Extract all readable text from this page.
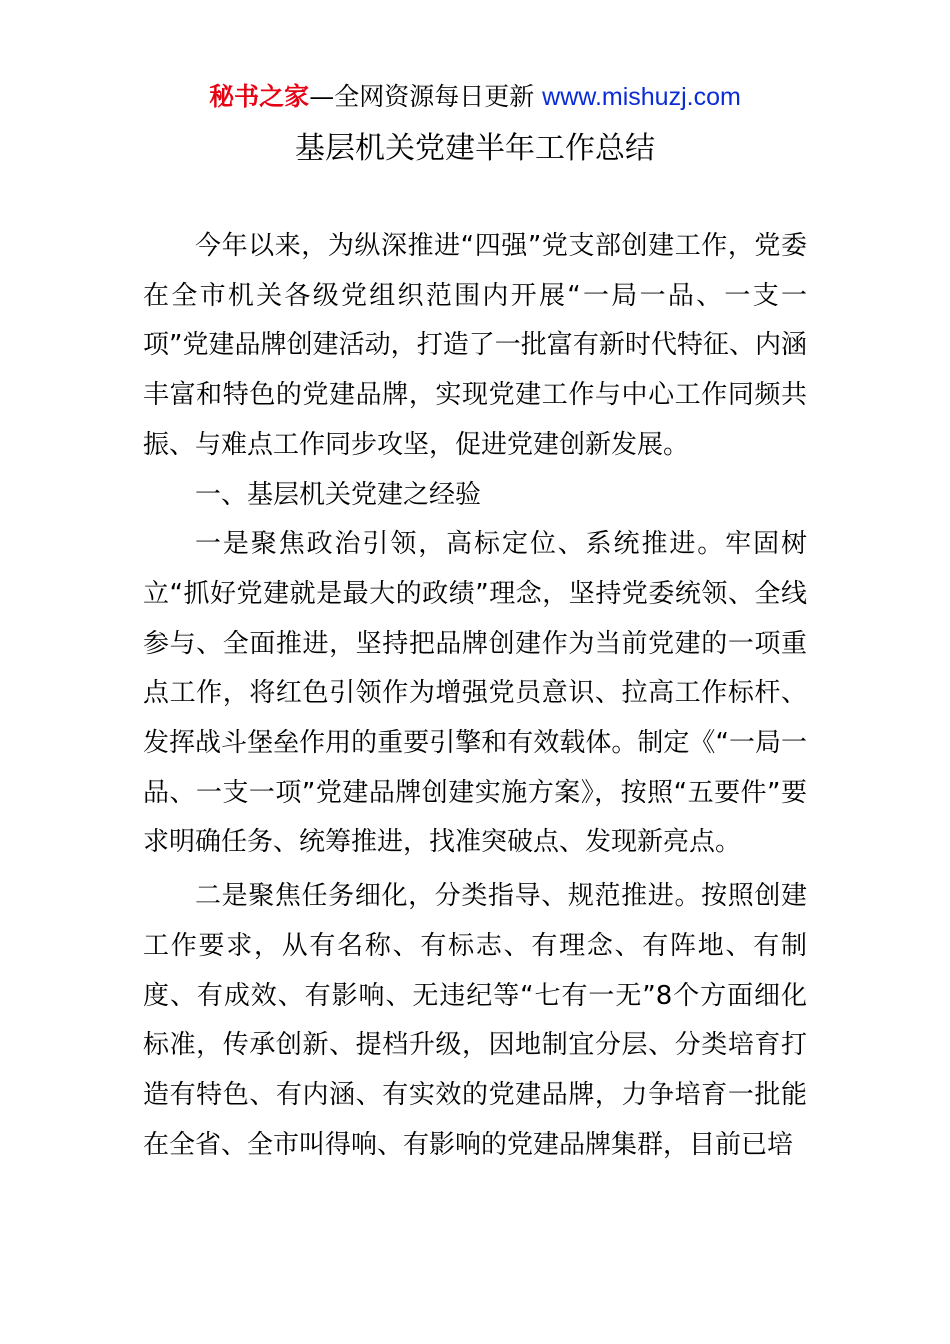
秘书之家—全网资源每日更新 www.mishuzj.com
基层机关党建半年工作总结

今年以来，为纵深推进“四强”党支部创建工作，党委在全市机关各级党组织范围内开展“一局一品、一支一项”党建品牌创建活动，打造了一批富有新时代特征、内涵丰富和特色的党建品牌，实现党建工作与中心工作同频共振、与难点工作同步攻坚，促进党建创新发展。

一、基层机关党建之经验

一是聚焦政治引领，高标定位、系统推进。牢固树立“抓好党建就是最大的政绩”理念，坚持党委统领、全线参与、全面推进，坚持把品牌创建作为当前党建的一项重点工作，将红色引领作为增强党员意识、拉高工作标杆、发挥战斗堡垒作用的重要引擎和有效载体。制定《“一局一品、一支一项”党建品牌创建实施方案》，按照“五要件”要求明确任务、统筹推进，找准突破点、发现新亮点。

二是聚焦任务细化，分类指导、规范推进。按照创建工作要求，从有名称、有标志、有理念、有阵地、有制度、有成效、有影响、无违纪等“七有一无”8个方面细化标准，传承创新、提档升级，因地制宜分层、分类培育打造有特色、有内涵、有实效的党建品牌，力争培育一批能在全省、全市叫得响、有影响的党建品牌集群，目前已培
